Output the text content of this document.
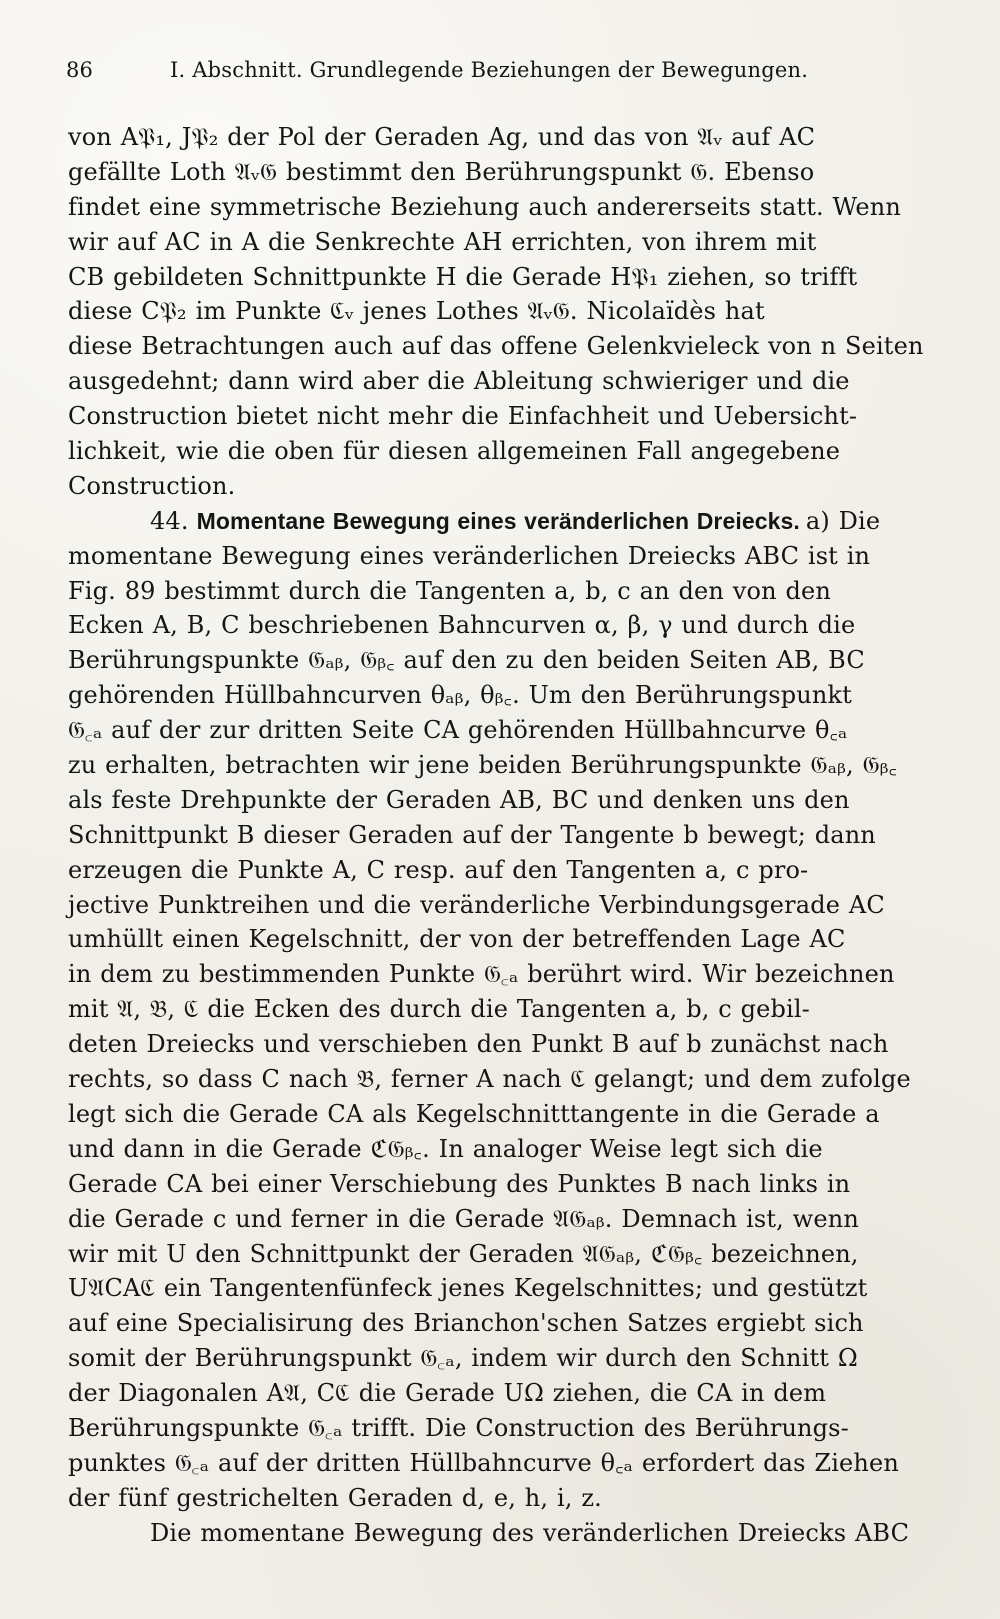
86	I. Abschnitt. Grundlegende Beziehungen der Bewegungen.
von A𝔓₁, J𝔓₂ der Pol der Geraden Ag, und das von 𝔄ᵥ auf AC
gefällte Loth 𝔄ᵥ𝔊 bestimmt den Berührungspunkt 𝔊. Ebenso
findet eine symmetrische Beziehung auch andererseits statt. Wenn
wir auf AC in A die Senkrechte AH errichten, von ihrem mit
CB gebildeten Schnittpunkte H die Gerade H𝔓₁ ziehen, so trifft
diese C𝔓₂ im Punkte ℭᵥ jenes Lothes 𝔄ᵥ𝔊. Nicolaïdès hat
diese Betrachtungen auch auf das offene Gelenkvieleck von n Seiten
ausgedehnt; dann wird aber die Ableitung schwieriger und die
Construction bietet nicht mehr die Einfachheit und Uebersicht-
lichkeit, wie die oben für diesen allgemeinen Fall angegebene
Construction.
44. Momentane Bewegung eines veränderlichen Dreiecks. a) Die
momentane Bewegung eines veränderlichen Dreiecks ABC ist in
Fig. 89 bestimmt durch die Tangenten a, b, c an den von den
Ecken A, B, C beschriebenen Bahncurven α, β, γ und durch die
Berührungspunkte 𝔊ₐᵦ, 𝔊ᵦ꜀ auf den zu den beiden Seiten AB, BC
gehörenden Hüllbahncurven θₐᵦ, θᵦ꜀. Um den Berührungspunkt
𝔊꜀ₐ auf der zur dritten Seite CA gehörenden Hüllbahncurve θ꜀ₐ
zu erhalten, betrachten wir jene beiden Berührungspunkte 𝔊ₐᵦ, 𝔊ᵦ꜀
als feste Drehpunkte der Geraden AB, BC und denken uns den
Schnittpunkt B dieser Geraden auf der Tangente b bewegt; dann
erzeugen die Punkte A, C resp. auf den Tangenten a, c pro-
jective Punktreihen und die veränderliche Verbindungsgerade AC
umhüllt einen Kegelschnitt, der von der betreffenden Lage AC
in dem zu bestimmenden Punkte 𝔊꜀ₐ berührt wird. Wir bezeichnen
mit 𝔄, 𝔅, ℭ die Ecken des durch die Tangenten a, b, c gebil-
deten Dreiecks und verschieben den Punkt B auf b zunächst nach
rechts, so dass C nach 𝔅, ferner A nach ℭ gelangt; und dem zufolge
legt sich die Gerade CA als Kegelschnitttangente in die Gerade a
und dann in die Gerade ℭ𝔊ᵦ꜀. In analoger Weise legt sich die
Gerade CA bei einer Verschiebung des Punktes B nach links in
die Gerade c und ferner in die Gerade 𝔄𝔊ₐᵦ. Demnach ist, wenn
wir mit U den Schnittpunkt der Geraden 𝔄𝔊ₐᵦ, ℭ𝔊ᵦ꜀ bezeichnen,
U𝔄CAℭ ein Tangentenfünfeck jenes Kegelschnittes; und gestützt
auf eine Specialisirung des Brianchon'schen Satzes ergiebt sich
somit der Berührungspunkt 𝔊꜀ₐ, indem wir durch den Schnitt Ω
der Diagonalen A𝔄, Cℭ die Gerade UΩ ziehen, die CA in dem
Berührungspunkte 𝔊꜀ₐ trifft. Die Construction des Berührungs-
punktes 𝔊꜀ₐ auf der dritten Hüllbahncurve θ꜀ₐ erfordert das Ziehen
der fünf gestrichelten Geraden d, e, h, i, z.
Die momentane Bewegung des veränderlichen Dreiecks ABC
